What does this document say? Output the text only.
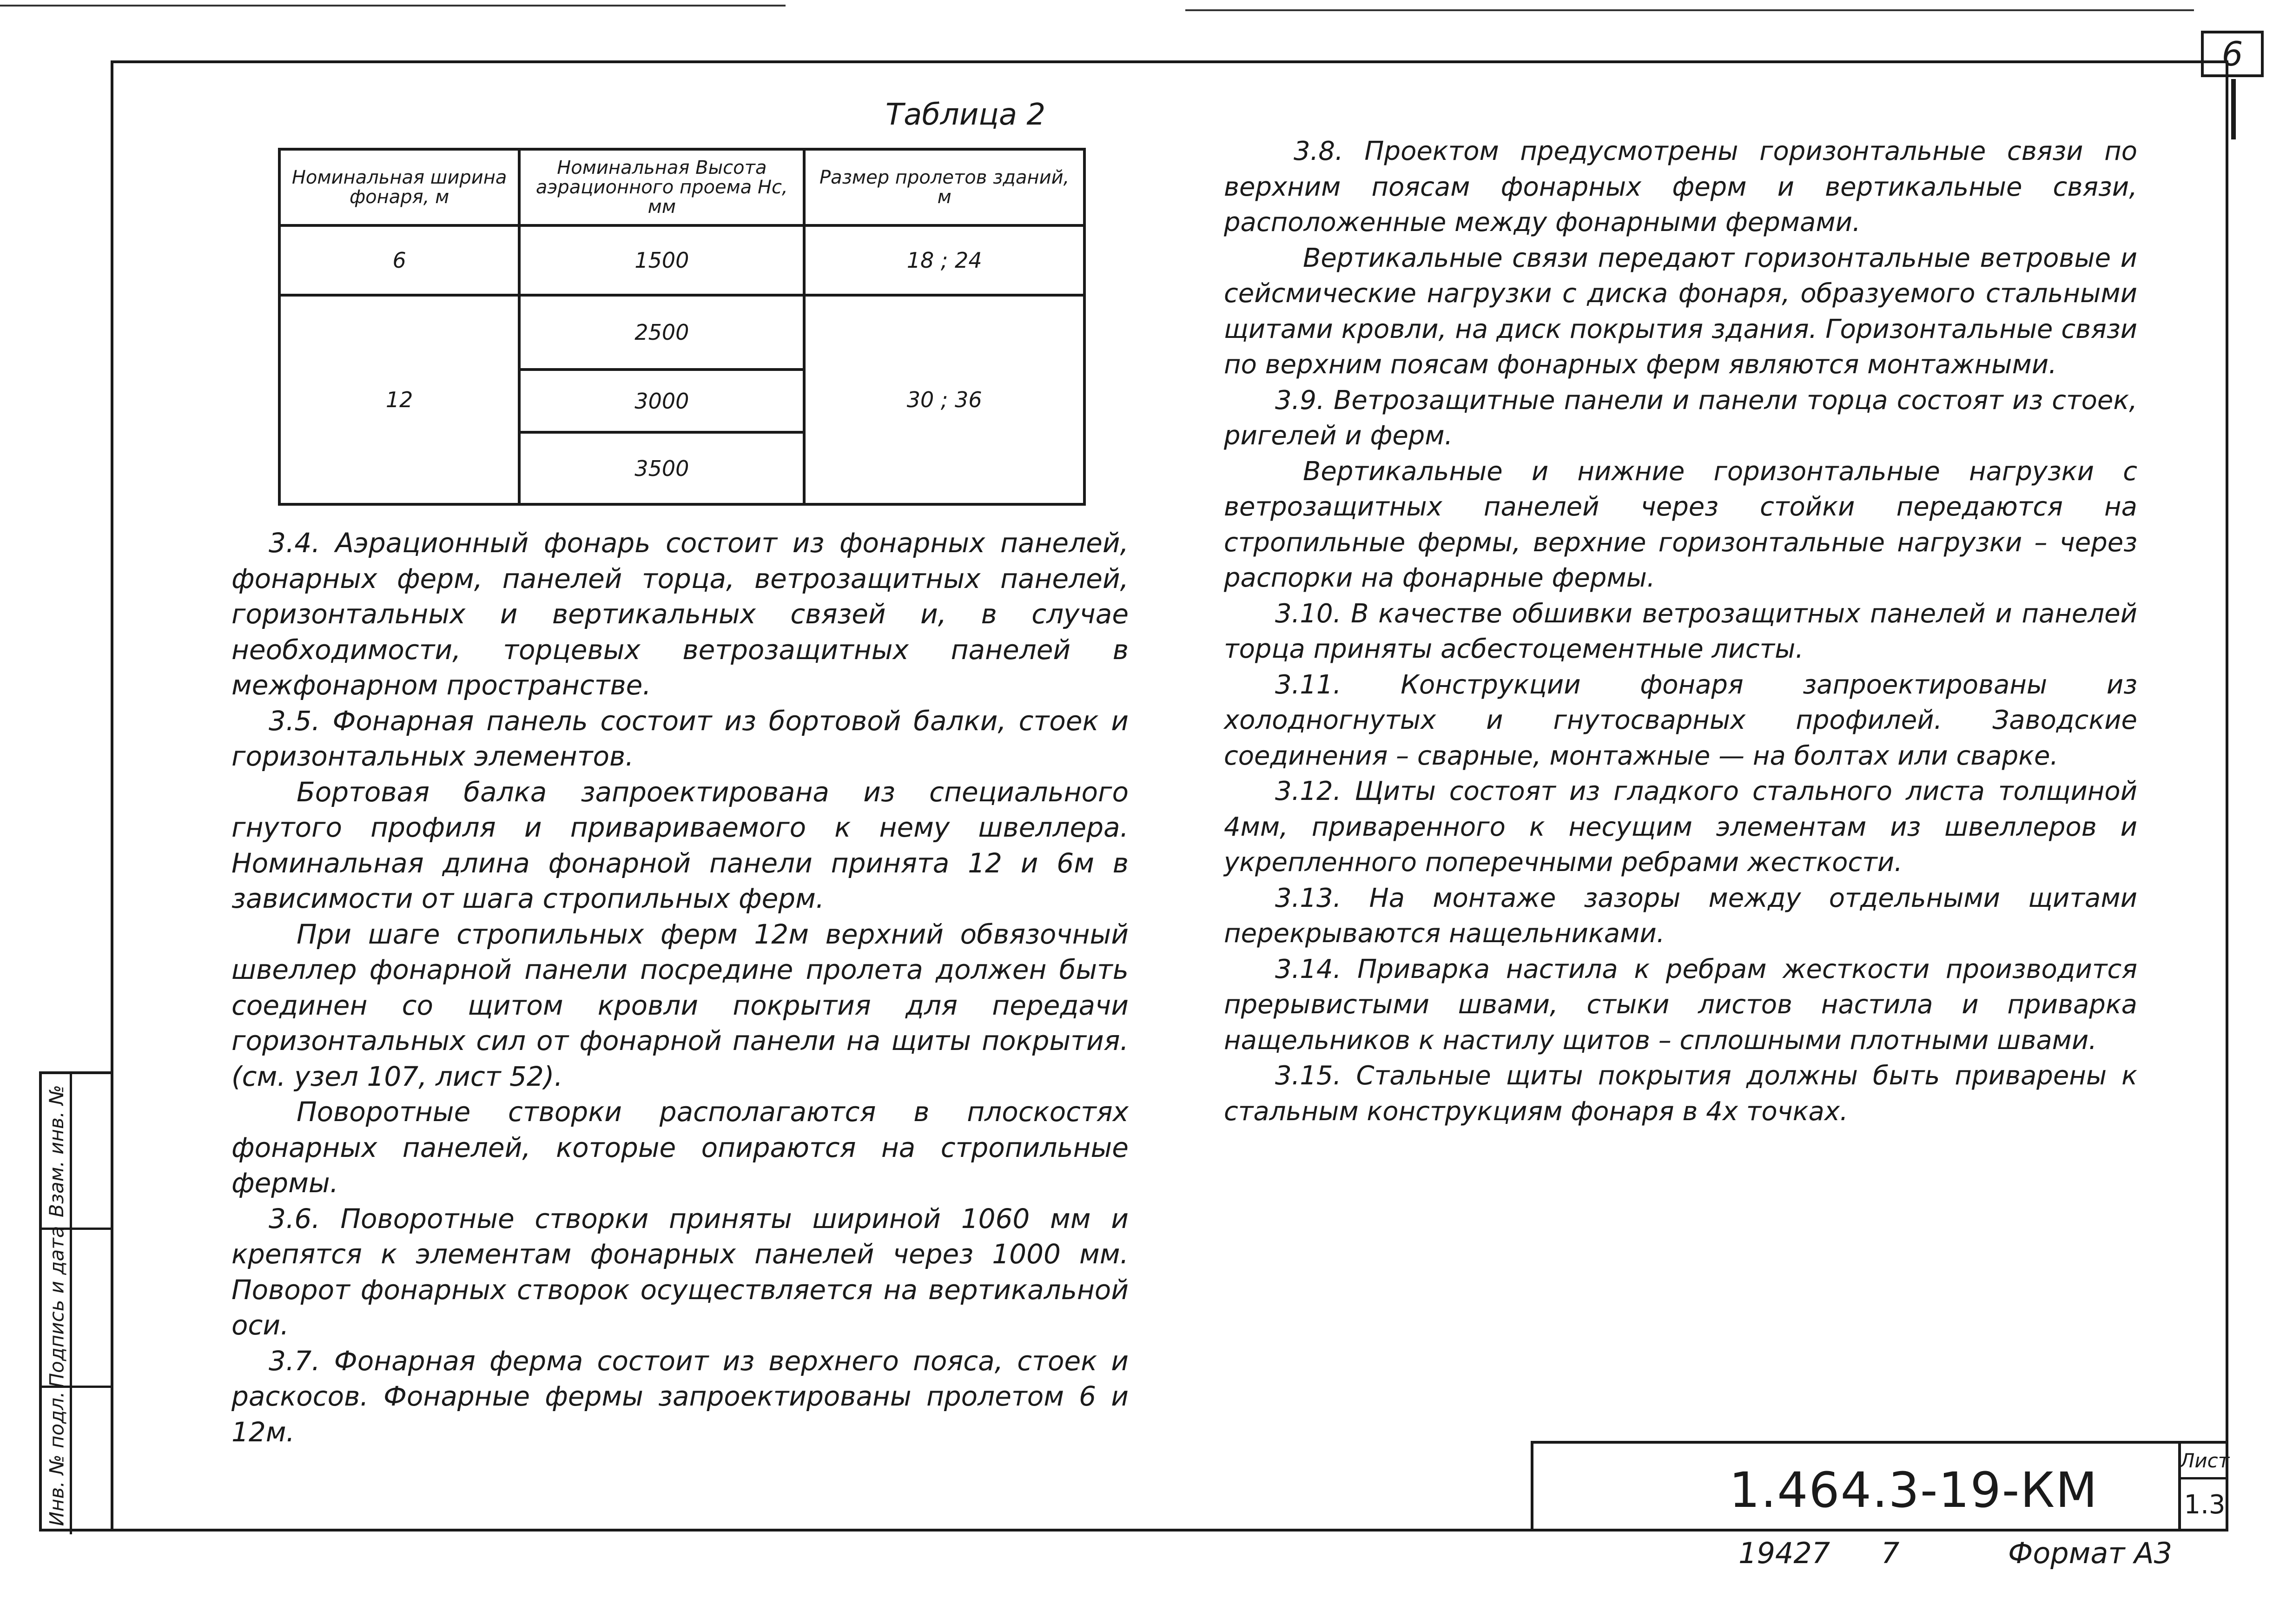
6
Взам. инв. №
Подпись и дата
Инв. № подл.
Таблица 2
Номинальная ширина фонаря, м	Номинальная Высота аэрационного проема Hc, мм	Размер пролетов зданий, м
6	1500	18 ; 24
12	2500	30 ; 36
	3000	
	3500	

3.4. Аэрационный фонарь состоит из фонарных панелей, фонарных ферм, панелей торца, ветрозащитных панелей, горизонтальных и вертикальных связей и, в случае необходимости, торцевых ветрозащитных панелей в межфонарном пространстве.

3.5. Фонарная панель состоит из бортовой балки, стоек и горизонтальных элементов.

Бортовая балка запроектирована из специального гнутого профиля и привариваемого к нему швеллера. Номинальная длина фонарной панели принята 12 и 6м в зависимости от шага стропильных ферм.

При шаге стропильных ферм 12м верхний обвязочный швеллер фонарной панели посредине пролета должен быть соединен со щитом кровли покрытия для передачи горизонтальных сил от фонарной панели на щиты покрытия. (см. узел 107, лист 52).

Поворотные створки располагаются в плоскостях фонарных панелей, которые опираются на стропильные фермы.

3.6. Поворотные створки приняты шириной 1060 мм и крепятся к элементам фонарных панелей через 1000 мм. Поворот фонарных створок осуществляется на вертикальной оси.

3.7. Фонарная ферма состоит из верхнего пояса, стоек и раскосов. Фонарные фермы запроектированы пролетом 6 и 12м.

3.8. Проектом предусмотрены горизонтальные связи по верхним поясам фонарных ферм и вертикальные связи, расположенные между фонарными фермами.

Вертикальные связи передают горизонтальные ветровые и сейсмические нагрузки с диска фонаря, образуемого стальными щитами кровли, на диск покрытия здания. Горизонтальные связи по верхним поясам фонарных ферм являются монтажными.

3.9. Ветрозащитные панели и панели торца состоят из стоек, ригелей и ферм.

Вертикальные и нижние горизонтальные нагрузки с ветрозащитных панелей через стойки передаются на стропильные фермы, верхние горизонтальные нагрузки – через распорки на фонарные фермы.

3.10. В качестве обшивки ветрозащитных панелей и панелей торца приняты асбестоцементные листы.

3.11. Конструкции фонаря запроектированы из холодногнутых и гнутосварных профилей. Заводские соединения – сварные, монтажные — на болтах или сварке.

3.12. Щиты состоят из гладкого стального листа толщиной 4мм, приваренного к несущим элементам из швеллеров и укрепленного поперечными ребрами жесткости.

3.13. На монтаже зазоры между отдельными щитами перекрываются нащельниками.

3.14. Приварка настила к ребрам жесткости производится прерывистыми швами, стыки листов настила и приварка нащельников к настилу щитов – сплошными плотными швами.

3.15. Стальные щиты покрытия должны быть приварены к стальным конструкциям фонаря в 4х точках.

1.464.3-19-КМ
Лист
1.3
19427 7	Формат А3
